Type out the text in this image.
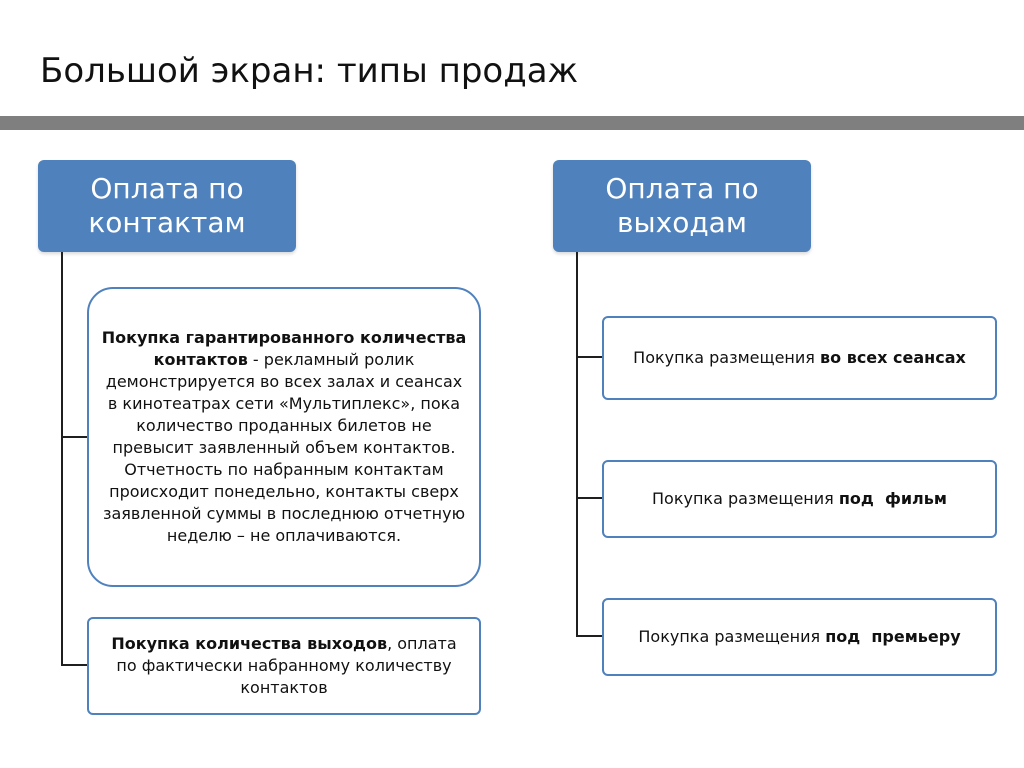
Большой экран: типы продаж
Оплата по
контактам
Покупка гарантированного количества контактов - рекламный ролик демонстрируется во всех залах и сеансах в кинотеатрах сети «Мультиплекс», пока количество проданных билетов не превысит заявленный объем контактов. Отчетность по набранным контактам происходит понедельно, контакты сверх заявленной суммы в последнюю отчетную неделю – не оплачиваются.
Покупка количества выходов, оплата по фактически набранному количеству контактов
Оплата по
выходам
Покупка размещения во всех сеансах
Покупка размещения под  фильм
Покупка размещения под  премьеру
